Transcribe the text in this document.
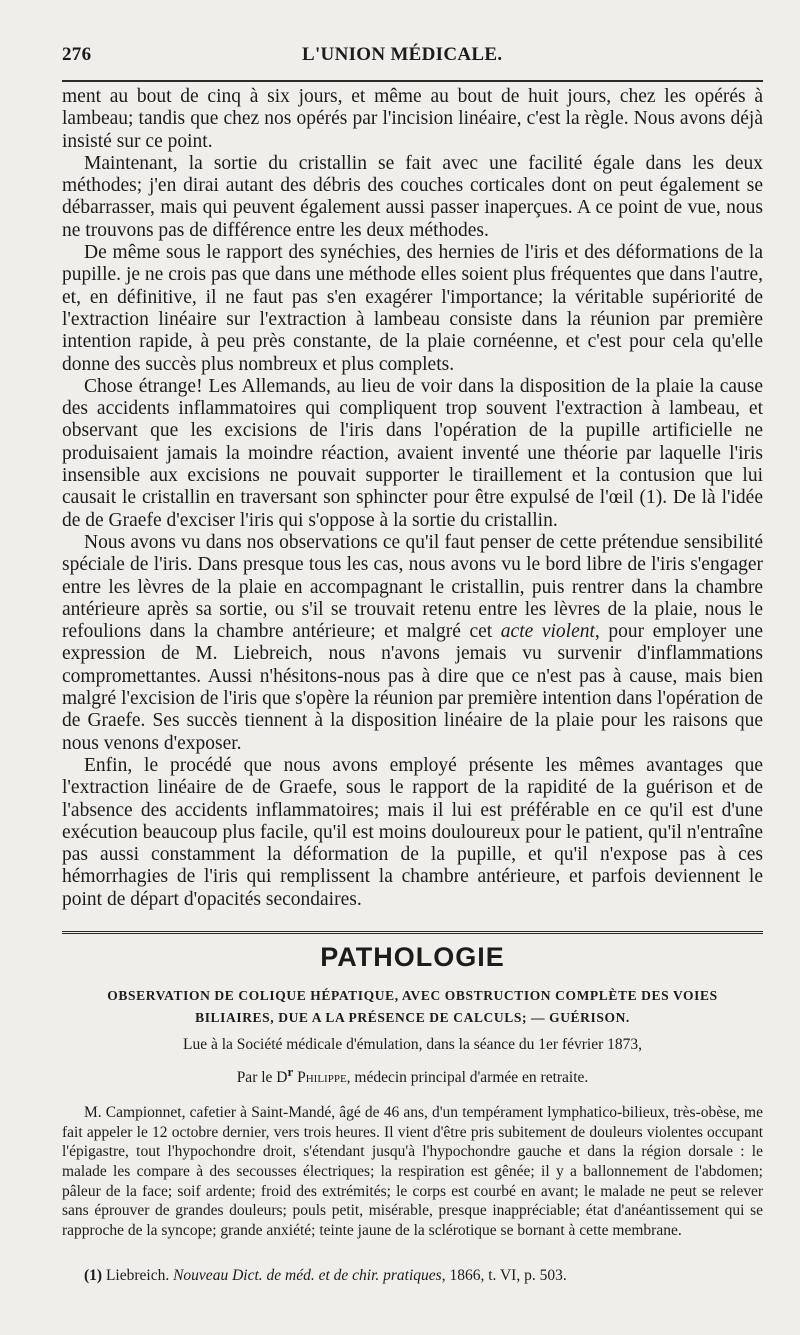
276	L'UNION MÉDICALE.

ment au bout de cinq à six jours, et même au bout de huit jours, chez les opérés à lambeau; tandis que chez nos opérés par l'incision linéaire, c'est la règle. Nous avons déjà insisté sur ce point.

Maintenant, la sortie du cristallin se fait avec une facilité égale dans les deux méthodes; j'en dirai autant des débris des couches corticales dont on peut également se débarrasser, mais qui peuvent également aussi passer inaperçues. A ce point de vue, nous ne trouvons pas de différence entre les deux méthodes.

De même sous le rapport des synéchies, des hernies de l'iris et des déformations de la pupille. je ne crois pas que dans une méthode elles soient plus fréquentes que dans l'autre, et, en définitive, il ne faut pas s'en exagérer l'importance; la véritable supériorité de l'extraction linéaire sur l'extraction à lambeau consiste dans la réunion par première intention rapide, à peu près constante, de la plaie cornéenne, et c'est pour cela qu'elle donne des succès plus nombreux et plus complets.

Chose étrange! Les Allemands, au lieu de voir dans la disposition de la plaie la cause des accidents inflammatoires qui compliquent trop souvent l'extraction à lambeau, et observant que les excisions de l'iris dans l'opération de la pupille artificielle ne produisaient jamais la moindre réaction, avaient inventé une théorie par laquelle l'iris insensible aux excisions ne pouvait supporter le tiraillement et la contusion que lui causait le cristallin en traversant son sphincter pour être expulsé de l'œil (1). De là l'idée de de Graefe d'exciser l'iris qui s'oppose à la sortie du cristallin.

Nous avons vu dans nos observations ce qu'il faut penser de cette prétendue sensibilité spéciale de l'iris. Dans presque tous les cas, nous avons vu le bord libre de l'iris s'engager entre les lèvres de la plaie en accompagnant le cristallin, puis rentrer dans la chambre antérieure après sa sortie, ou s'il se trouvait retenu entre les lèvres de la plaie, nous le refoulions dans la chambre antérieure; et malgré cet acte violent, pour employer une expression de M. Liebreich, nous n'avons jemais vu survenir d'inflammations compromettantes. Aussi n'hésitons-nous pas à dire que ce n'est pas à cause, mais bien malgré l'excision de l'iris que s'opère la réunion par première intention dans l'opération de de Graefe. Ses succès tiennent à la disposition linéaire de la plaie pour les raisons que nous venons d'exposer.

Enfin, le procédé que nous avons employé présente les mêmes avantages que l'extraction linéaire de de Graefe, sous le rapport de la rapidité de la guérison et de l'absence des accidents inflammatoires; mais il lui est préférable en ce qu'il est d'une exécution beaucoup plus facile, qu'il est moins douloureux pour le patient, qu'il n'entraîne pas aussi constamment la déformation de la pupille, et qu'il n'expose pas à ces hémorrhagies de l'iris qui remplissent la chambre antérieure, et parfois deviennent le point de départ d'opacités secondaires.

PATHOLOGIE

OBSERVATION DE COLIQUE HÉPATIQUE, AVEC OBSTRUCTION COMPLÈTE DES VOIES

BILIAIRES, DUE A LA PRÉSENCE DE CALCULS; — GUÉRISON.

Lue à la Société médicale d'émulation, dans la séance du 1er février 1873,

Par le $D^r$ Philippe, médecin principal d'armée en retraite.

M. Campionnet, cafetier à Saint-Mandé, âgé de 46 ans, d'un tempérament lymphatico-bilieux, très-obèse, me fait appeler le 12 octobre dernier, vers trois heures. Il vient d'être pris subitement de douleurs violentes occupant l'épigastre, tout l'hypochondre droit, s'étendant jusqu'à l'hypochondre gauche et dans la région dorsale : le malade les compare à des secousses électriques; la respiration est gênée; il y a ballonnement de l'abdomen; pâleur de la face; soif ardente; froid des extrémités; le corps est courbé en avant; le malade ne peut se relever sans éprouver de grandes douleurs; pouls petit, misérable, presque inappréciable; état d'anéantissement qui se rapproche de la syncope; grande anxiété; teinte jaune de la sclérotique se bornant à cette membrane.

(1) Liebreich. Nouveau Dict. de méd. et de chir. pratiques, 1866, t. VI, p. 503.
